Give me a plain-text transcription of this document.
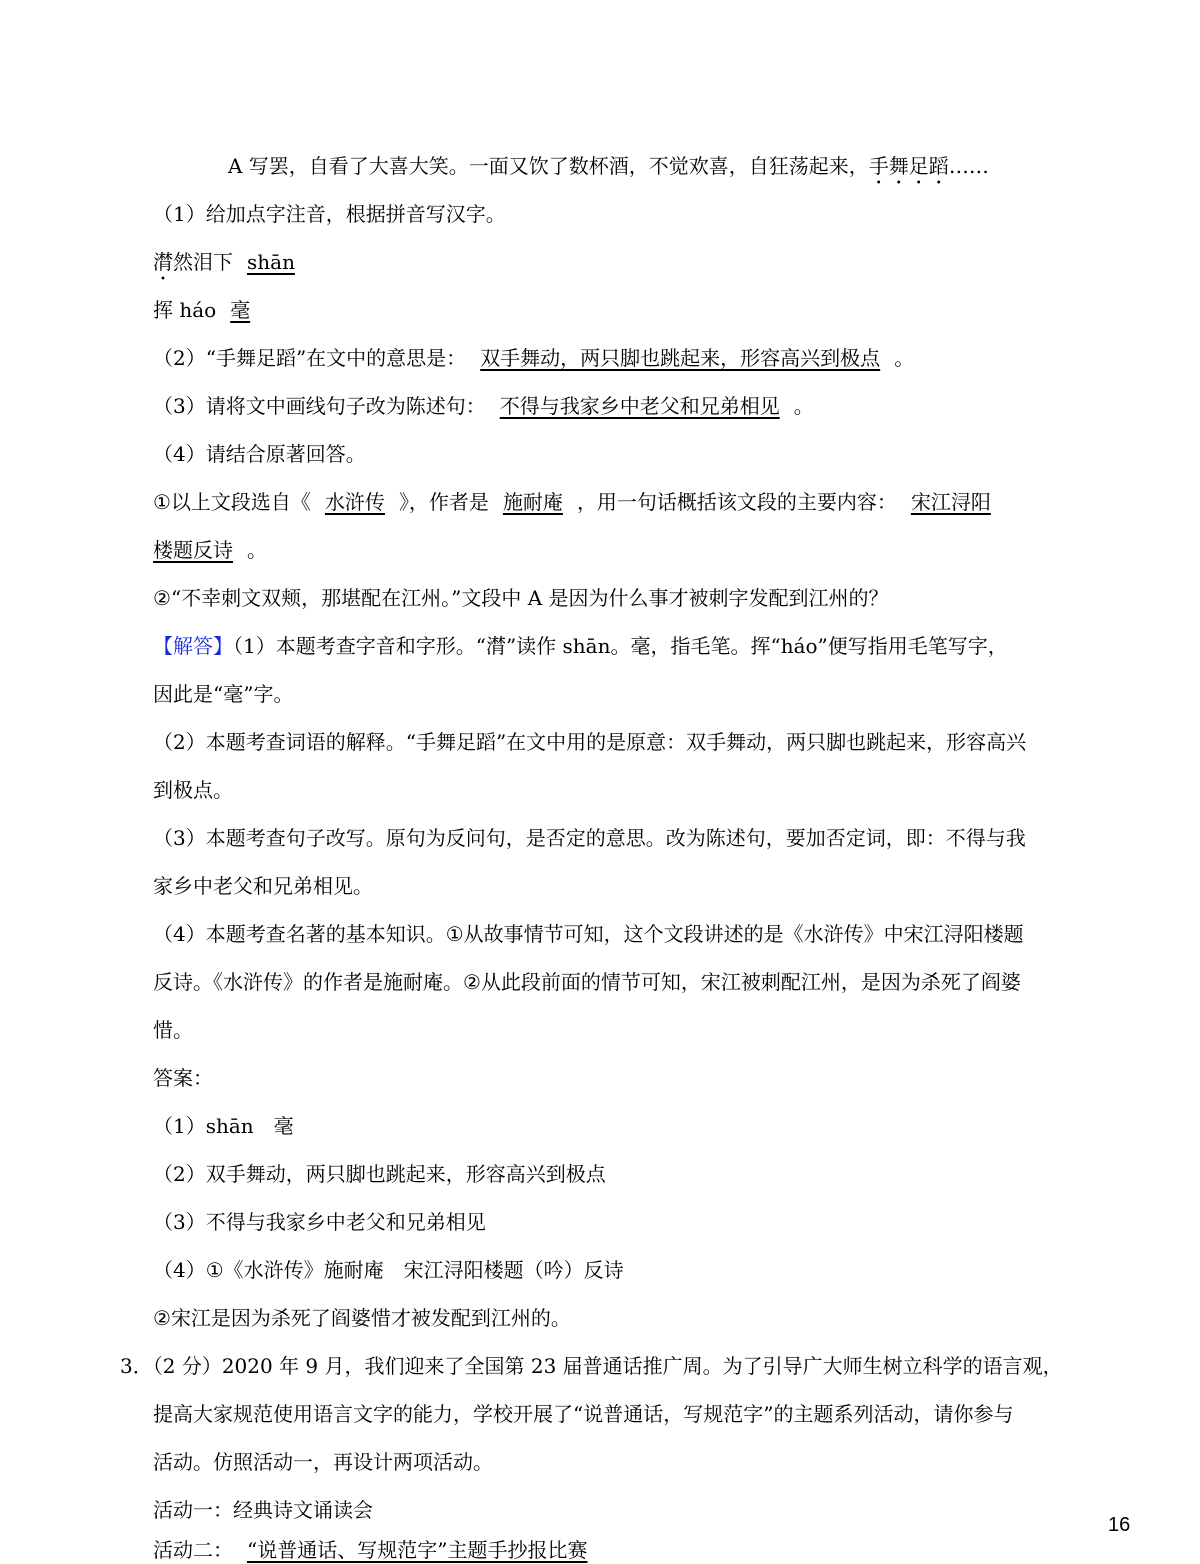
A 写罢，自看了大喜大笑。一面又饮了数杯酒，不觉欢喜，自狂荡起来，手舞足蹈……
（1）给加点字注音，根据拼音写汉字。
潸然泪下 shān
挥 háo 毫
（2）“手舞足蹈”在文中的意思是： 双手舞动，两只脚也跳起来，形容高兴到极点 。
（3）请将文中画线句子改为陈述句： 不得与我家乡中老父和兄弟相见 。
（4）请结合原著回答。
①以上文段选自《 水浒传 》，作者是 施耐庵 ，用一句话概括该文段的主要内容： 宋江浔阳
楼题反诗 。
②“不幸刺文双颊，那堪配在江州。”文段中 A 是因为什么事才被刺字发配到江州的？
【解答】（1）本题考查字音和字形。“潸”读作 shān。毫，指毛笔。挥“háo”便写指用毛笔写字，
因此是“毫”字。
（2）本题考查词语的解释。“手舞足蹈”在文中用的是原意：双手舞动，两只脚也跳起来，形容高兴
到极点。
（3）本题考查句子改写。原句为反问句，是否定的意思。改为陈述句，要加否定词，即：不得与我
家乡中老父和兄弟相见。
（4）本题考查名著的基本知识。①从故事情节可知，这个文段讲述的是《水浒传》中宋江浔阳楼题
反诗。《水浒传》的作者是施耐庵。②从此段前面的情节可知，宋江被刺配江州，是因为杀死了阎婆
惜。
答案：
（1）shān　毫
（2）双手舞动，两只脚也跳起来，形容高兴到极点
（3）不得与我家乡中老父和兄弟相见
（4）①《水浒传》施耐庵　宋江浔阳楼题（吟）反诗
②宋江是因为杀死了阎婆惜才被发配到江州的。
3．（2 分）2020 年 9 月，我们迎来了全国第 23 届普通话推广周。为了引导广大师生树立科学的语言观，
提高大家规范使用语言文字的能力，学校开展了“说普通话，写规范字”的主题系列活动，请你参与
活动。仿照活动一，再设计两项活动。
活动一：经典诗文诵读会
活动二： “说普通话、写规范字”主题手抄报比赛
16
